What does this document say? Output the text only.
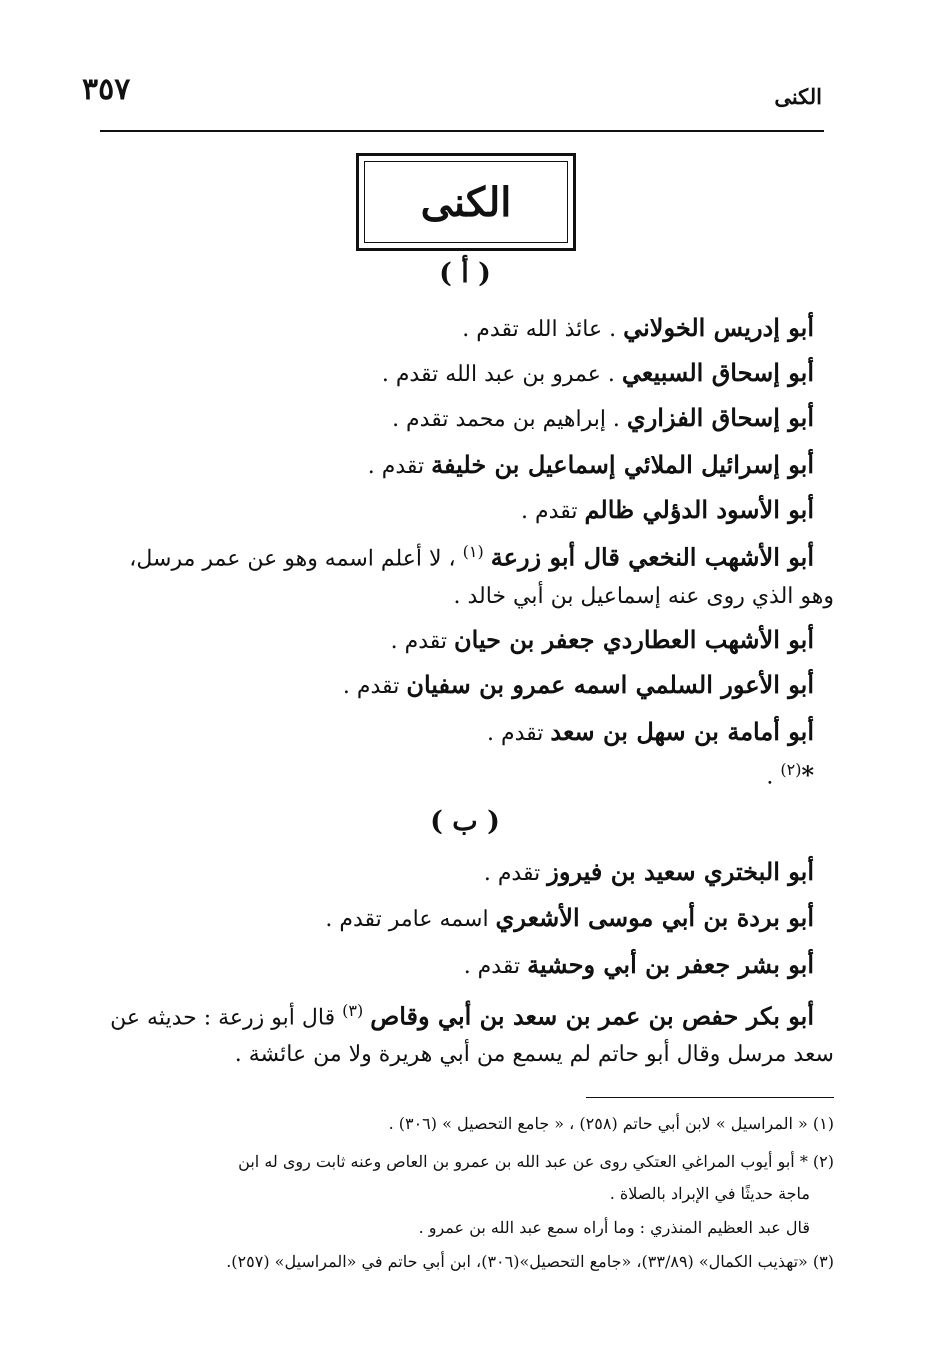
٣٥٧	الكنى
الكنى
( أ )
أبو إدريس الخولاني . عائذ الله تقدم .
أبو إسحاق السبيعي . عمرو بن عبد الله تقدم .
أبو إسحاق الفزاري . إبراهيم بن محمد تقدم .
أبو إسرائيل الملائي إسماعيل بن خليفة تقدم .
أبو الأسود الدؤلي ظالم تقدم .
أبو الأشهب النخعي قال أبو زرعة $^{(١)}$ ، لا أعلم اسمه وهو عن عمر مرسل،
وهو الذي روى عنه إسماعيل بن أبي خالد .
أبو الأشهب العطاردي جعفر بن حيان تقدم .
أبو الأعور السلمي اسمه عمرو بن سفيان تقدم .
أبو أمامة بن سهل بن سعد تقدم .
*$^{(٢)}$ .
( ب )
أبو البختري سعيد بن فيروز تقدم .
أبو بردة بن أبي موسى الأشعري اسمه عامر تقدم .
أبو بشر جعفر بن أبي وحشية تقدم .
أبو بكر حفص بن عمر بن سعد بن أبي وقاص $^{(٣)}$ قال أبو زرعة : حديثه عن
سعد مرسل وقال أبو حاتم لم يسمع من أبي هريرة ولا من عائشة .
(١) « المراسيل » لابن أبي حاتم (٢٥٨) ، « جامع التحصيل » (٣٠٦) .
(٢) * أبو أيوب المراغي العتكي روى عن عبد الله بن عمرو بن العاص وعنه ثابت روى له ابن
ماجة حديثًا في الإبراد بالصلاة .
قال عبد العظيم المنذري : وما أراه سمع عبد الله بن عمرو .
(٣) «تهذيب الكمال» (٣٣/٨٩)، «جامع التحصيل»(٣٠٦)، ابن أبي حاتم في «المراسيل» (٢٥٧).
